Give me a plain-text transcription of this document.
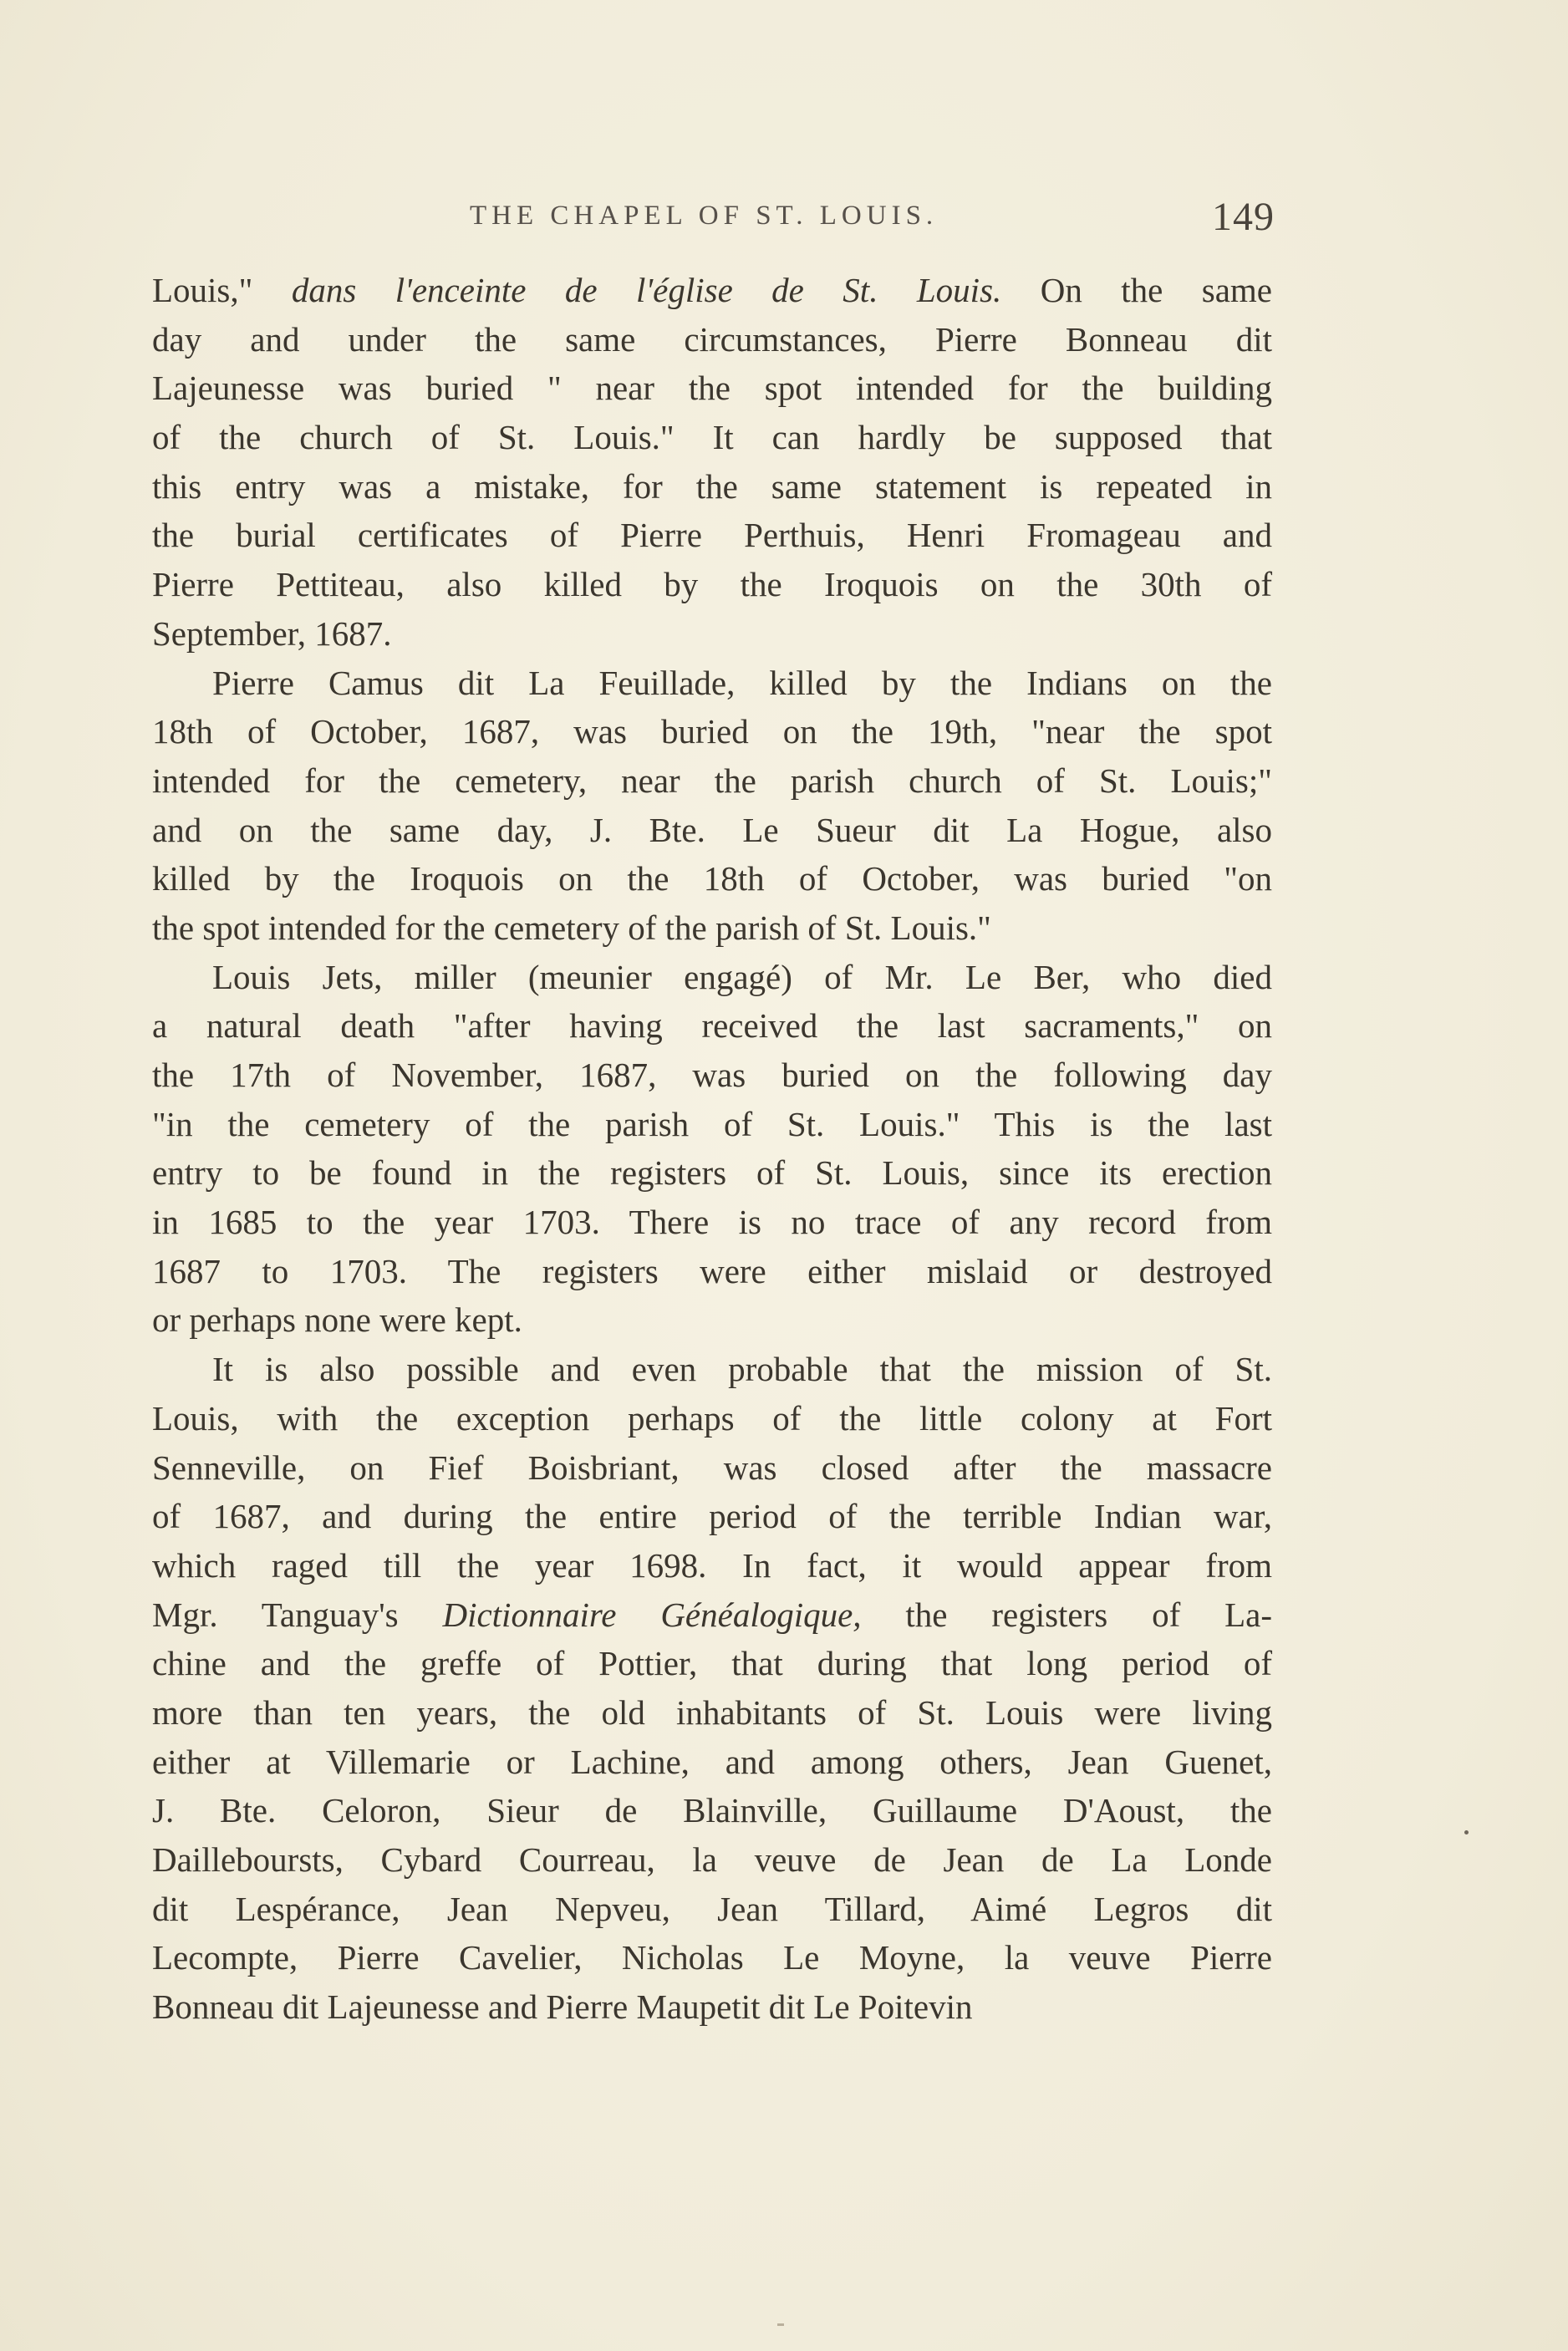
THE CHAPEL OF ST. LOUIS.	149
Louis," dans l'enceinte de l'église de St. Louis. On the same
day and under the same circumstances, Pierre Bonneau dit
Lajeunesse was buried " near the spot intended for the building
of the church of St. Louis." It can hardly be supposed that
this entry was a mistake, for the same statement is repeated in
the burial certificates of Pierre Perthuis, Henri Fromageau and
Pierre Pettiteau, also killed by the Iroquois on the 30th of
September, 1687.
Pierre Camus dit La Feuillade, killed by the Indians on the
18th of October, 1687, was buried on the 19th, "near the spot
intended for the cemetery, near the parish church of St. Louis;"
and on the same day, J. Bte. Le Sueur dit La Hogue, also
killed by the Iroquois on the 18th of October, was buried "on
the spot intended for the cemetery of the parish of St. Louis."
Louis Jets, miller (meunier engagé) of Mr. Le Ber, who died
a natural death "after having received the last sacraments," on
the 17th of November, 1687, was buried on the following day
"in the cemetery of the parish of St. Louis." This is the last
entry to be found in the registers of St. Louis, since its erection
in 1685 to the year 1703. There is no trace of any record from
1687 to 1703. The registers were either mislaid or destroyed
or perhaps none were kept.
It is also possible and even probable that the mission of St.
Louis, with the exception perhaps of the little colony at Fort
Senneville, on Fief Boisbriant, was closed after the massacre
of 1687, and during the entire period of the terrible Indian war,
which raged till the year 1698. In fact, it would appear from
Mgr. Tanguay's Dictionnaire Généalogique, the registers of La-
chine and the greffe of Pottier, that during that long period of
more than ten years, the old inhabitants of St. Louis were living
either at Villemarie or Lachine, and among others, Jean Guenet,
J. Bte. Celoron, Sieur de Blainville, Guillaume D'Aoust, the
Dailleboursts, Cybard Courreau, la veuve de Jean de La Londe
dit Lespérance, Jean Nepveu, Jean Tillard, Aimé Legros dit
Lecompte, Pierre Cavelier, Nicholas Le Moyne, la veuve Pierre
Bonneau dit Lajeunesse and Pierre Maupetit dit Le Poitevin
